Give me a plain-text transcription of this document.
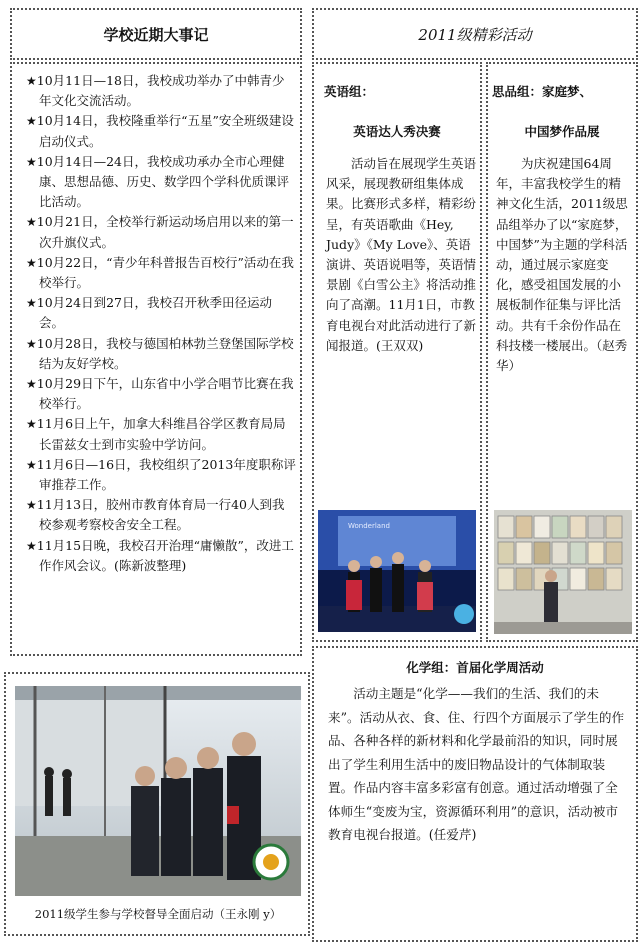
学校近期大事记
★10月11日—18日，我校成功举办了中韩青少年文化交流活动。
★10月14日，我校隆重举行“五星”安全班级建设启动仪式。
★10月14日—24日，我校成功承办全市心理健康、思想品德、历史、数学四个学科优质课评比活动。
★10月21日，全校举行新运动场启用以来的第一次升旗仪式。
★10月22日，“青少年科普报告百校行”活动在我校举行。
★10月24日到27日，我校召开秋季田径运动会。
★10月28日，我校与德国柏林勃兰登堡国际学校结为友好学校。
★10月29日下午，山东省中小学合唱节比赛在我校举行。
★11月6日上午，加拿大科维昌谷学区教育局局长雷兹女士到市实验中学访问。
★11月6日—16日，我校组织了2013年度职称评审推荐工作。
★11月13日，胶州市教育体育局一行40人到我校参观考察校舍安全工程。
★11月15日晚，我校召开治理“庸懒散”，改进工作作风会议。(陈新波整理)
2011级学生参与学校督导全面启动（王永刚 y）
2011级精彩活动
英语组：
英语达人秀决赛

活动旨在展现学生英语风采，展现教研组集体成果。比赛形式多样，精彩纷呈，有英语歌曲《Hey, Judy》《My Love》、英语演讲、英语说唱等，英语情景剧《白雪公主》将活动推向了高潮。11月1日，市教育电视台对此活动进行了新闻报道。(王双双)

Wonderland
思品组：家庭梦、
中国梦作品展

为庆祝建国64周年，丰富我校学生的精神文化生活，2011级思品组举办了以“家庭梦，中国梦”为主题的学科活动，通过展示家庭变化，感受祖国发展的小展板制作征集与评比活动。共有千余份作品在科技楼一楼展出。（赵秀华）

化学组：首届化学周活动

活动主题是“化学——我们的生活、我们的未来”。活动从衣、食、住、行四个方面展示了学生的作品、各种各样的新材料和化学最前沿的知识，同时展出了学生利用生活中的废旧物品设计的气体制取装置。作品内容丰富多彩富有创意。通过活动增强了全体师生“变废为宝，资源循环利用”的意识，活动被市教育电视台报道。(任爱芹)
